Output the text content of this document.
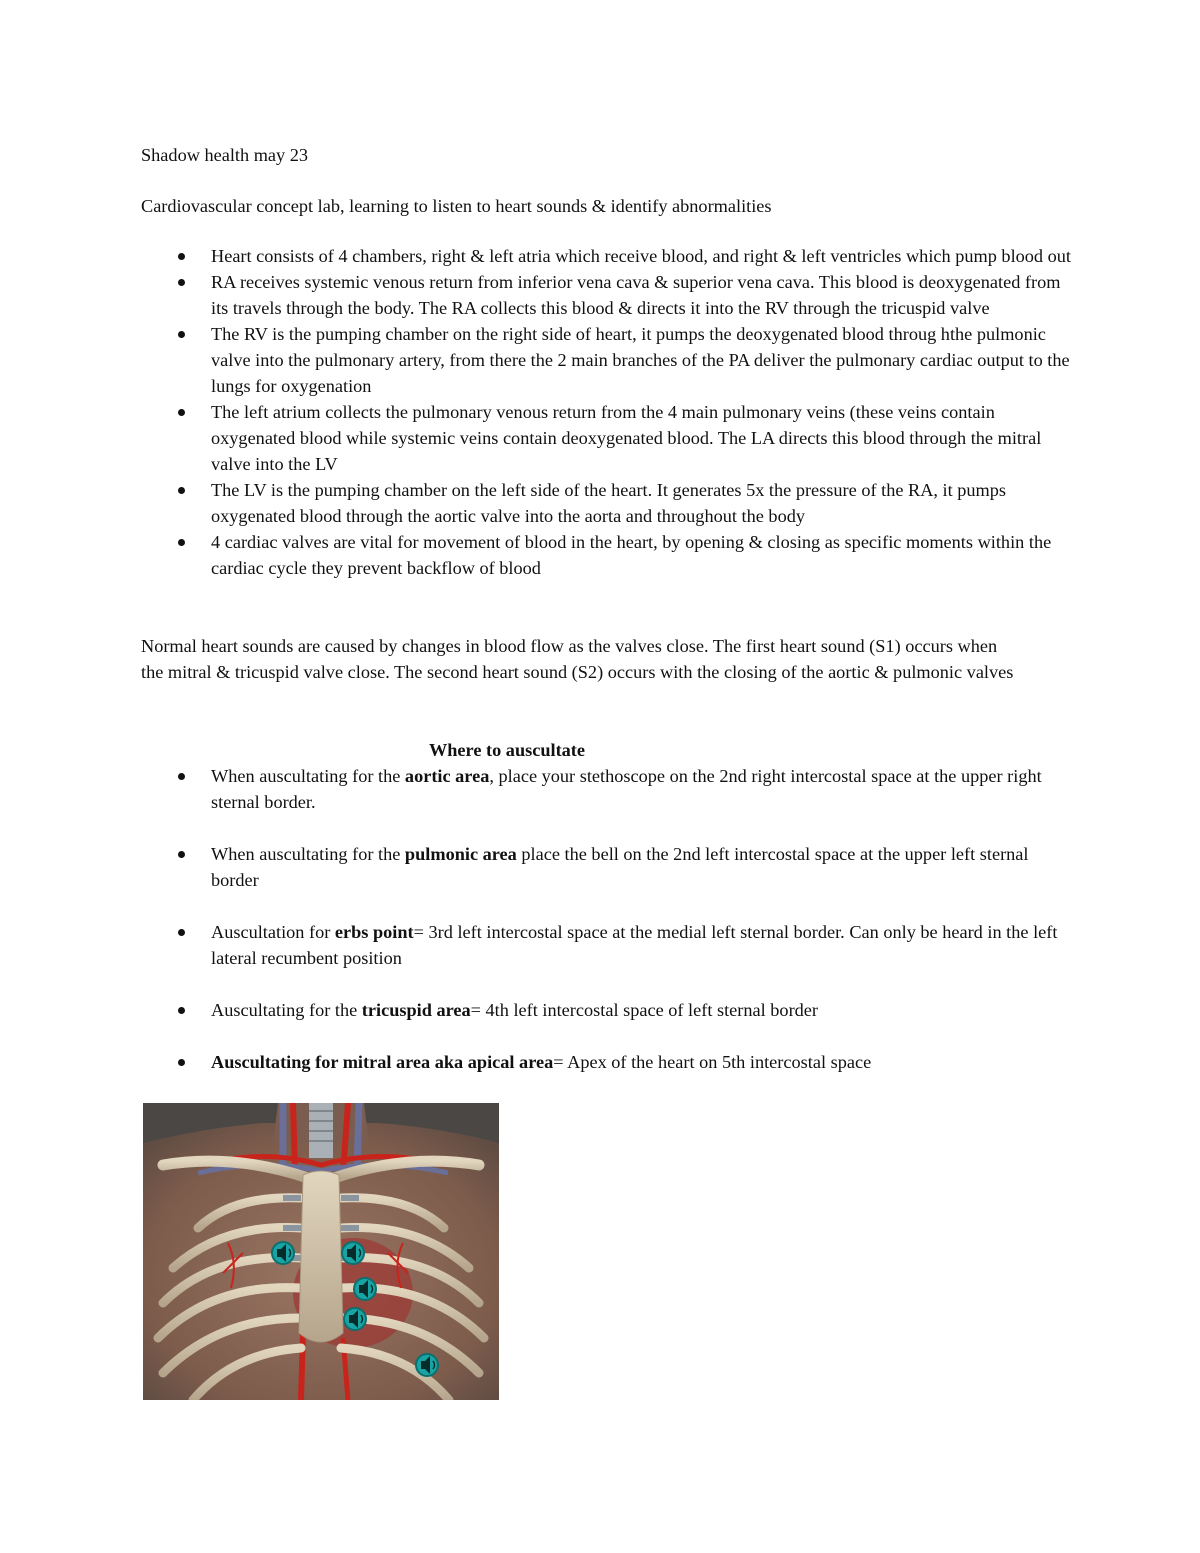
Shadow health may 23

Cardiovascular concept lab, learning to listen to heart sounds & identify abnormalities

Heart consists of 4 chambers, right & left atria which receive blood, and right & left ventricles which pump blood out
RA receives systemic venous return from inferior vena cava & superior vena cava. This blood is deoxygenated from its travels through the body. The RA collects this blood & directs it into the RV through the tricuspid valve
The RV is the pumping chamber on the right side of heart, it pumps the deoxygenated blood throug hthe pulmonic valve into the pulmonary artery, from there the 2 main branches of the PA deliver the pulmonary cardiac output to the lungs for oxygenation
The left atrium collects the pulmonary venous return from the 4 main pulmonary veins (these veins contain oxygenated blood while systemic veins contain deoxygenated blood. The LA directs this blood through the mitral valve into the LV
The LV is the pumping chamber on the left side of the heart. It generates 5x the pressure of the RA, it pumps oxygenated blood through the aortic valve into the aorta and throughout the body
4 cardiac valves are vital for movement of blood in the heart, by opening & closing as specific moments within the cardiac cycle they prevent backflow of blood

Normal heart sounds are caused by changes in blood flow as the valves close. The first heart sound (S1) occurs when the mitral & tricuspid valve close. The second heart sound (S2) occurs with the closing of the aortic & pulmonic valves

Where to auscultate
When auscultating for the aortic area, place your stethoscope on the 2nd right intercostal space at the upper right sternal border.
When auscultating for the pulmonic area place the bell on the 2nd left intercostal space at the upper left sternal border
Auscultation for erbs point= 3rd left intercostal space at the medial left sternal border. Can only be heard in the left lateral recumbent position
Auscultating for the tricuspid area= 4th left intercostal space of left sternal border
Auscultating for mitral area aka apical area= Apex of the heart on 5th intercostal space
